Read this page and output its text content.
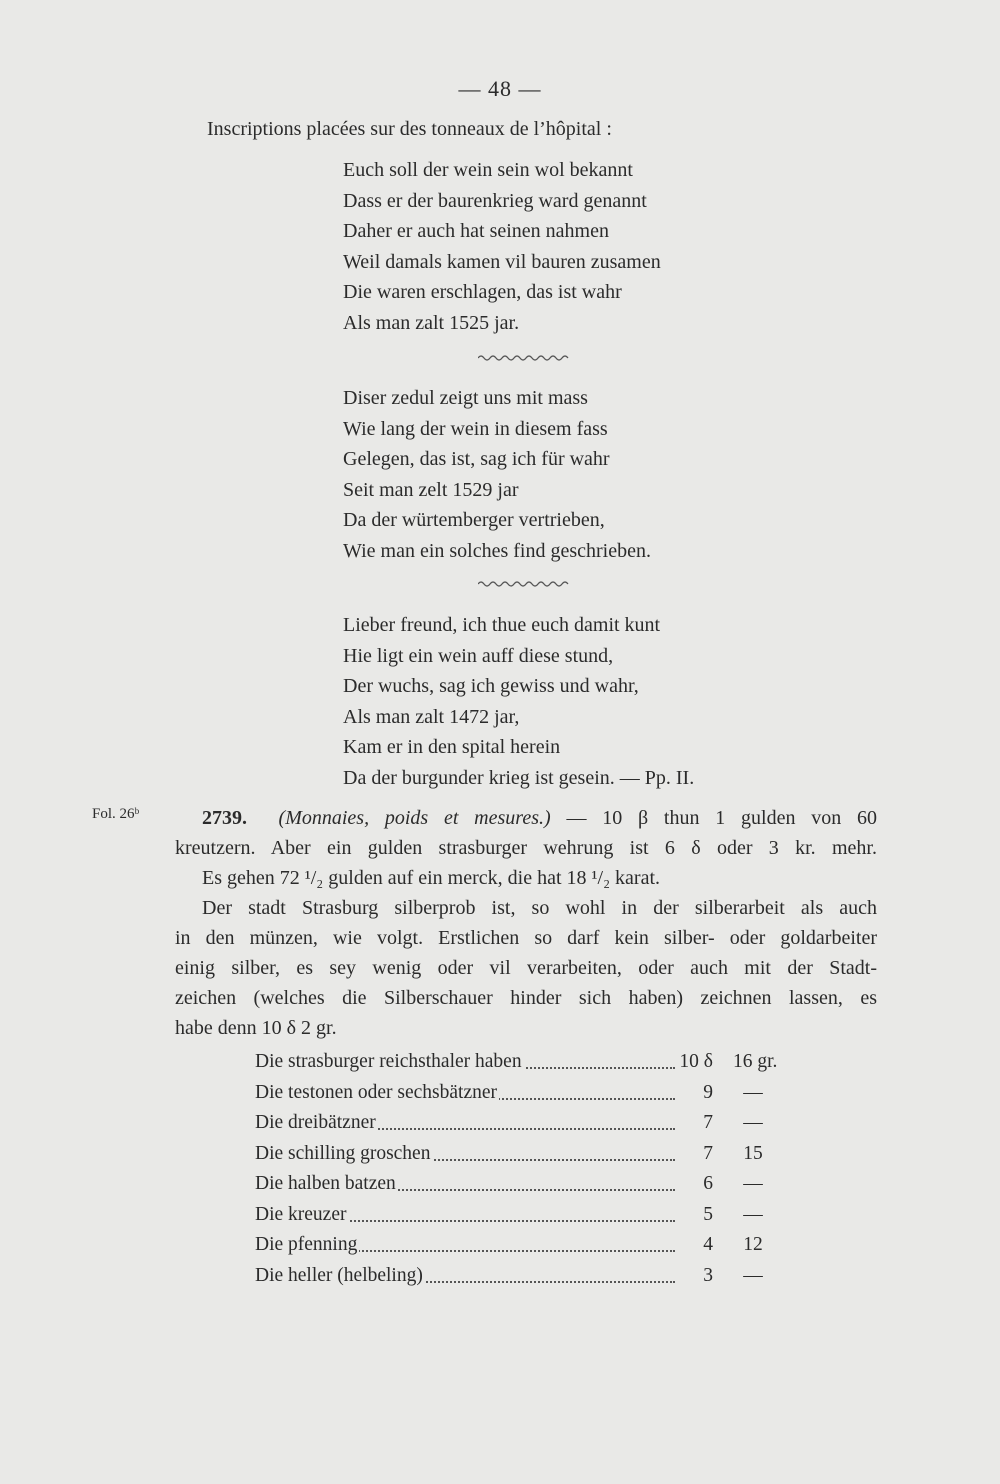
— 48 —
Inscriptions placées sur des tonneaux de l’hôpital :
Euch soll der wein sein wol bekannt
Dass er der baurenkrieg ward genannt
Daher er auch hat seinen nahmen
Weil damals kamen vil bauren zusamen
Die waren erschlagen, das ist wahr
Als man zalt 1525 jar.
Diser zedul zeigt uns mit mass
Wie lang der wein in diesem fass
Gelegen, das ist, sag ich für wahr
Seit man zelt 1529 jar
Da der würtemberger vertrieben,
Wie man ein solches find geschrieben.
Lieber freund, ich thue euch damit kunt
Hie ligt ein wein auff diese stund,
Der wuchs, sag ich gewiss und wahr,
Als man zalt 1472 jar,
Kam er in den spital herein
Da der burgunder krieg ist gesein. — Pp. II.
Fol. 26ᵇ	2739. (Monnaies, poids et mesures.) — 10 β thun 1 gulden von 60
kreutzern. Aber ein gulden strasburger wehrung ist 6 δ oder 3 kr. mehr.
Es gehen 72 ¹/₂ gulden auf ein merck, die hat 18 ¹/₂ karat.
Der stadt Strasburg silberprob ist, so wohl in der silberarbeit als auch
in den münzen, wie volgt. Erstlichen so darf kein silber- oder goldarbeiter
einig silber, es sey wenig oder vil verarbeiten, oder auch mit der Stadt-
zeichen (welches die Silberschauer hinder sich haben) zeichnen lassen, es
habe denn 10 δ 2 gr.
Die strasburger reichsthaler haben	10 δ 16 gr.
Die testonen oder sechsbätzner	9	—
Die dreibätzner	7	—
Die schilling groschen	7	15
Die halben batzen	6	—
Die kreuzer	5	—
Die pfenning	4	12
Die heller (helbeling)	3	—
